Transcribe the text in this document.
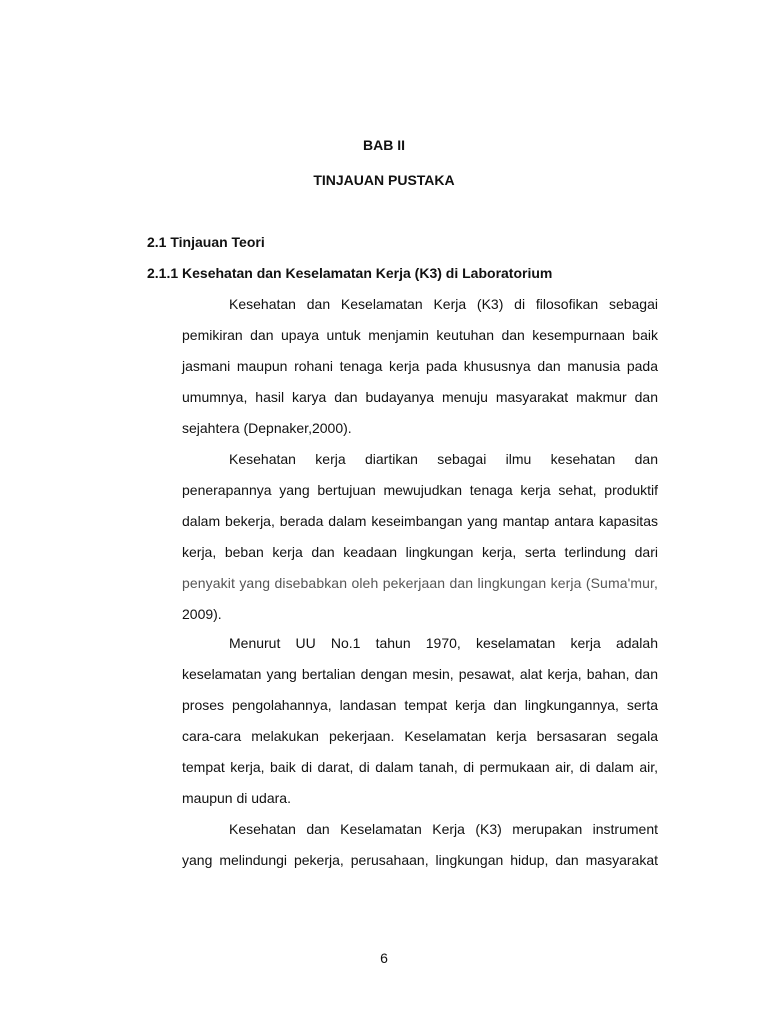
BAB II
TINJAUAN PUSTAKA
2.1 Tinjauan Teori
2.1.1 Kesehatan dan Keselamatan Kerja (K3) di Laboratorium
Kesehatan dan Keselamatan Kerja (K3) di filosofikan sebagai
pemikiran dan upaya untuk menjamin keutuhan dan kesempurnaan baik
jasmani maupun rohani tenaga kerja pada khususnya dan manusia pada
umumnya, hasil karya dan budayanya menuju masyarakat makmur dan
sejahtera (Depnaker,2000).
Kesehatan kerja diartikan sebagai ilmu kesehatan dan
penerapannya yang bertujuan mewujudkan tenaga kerja sehat, produktif
dalam bekerja, berada dalam keseimbangan yang mantap antara kapasitas
kerja, beban kerja dan keadaan lingkungan kerja, serta terlindung dari
penyakit yang disebabkan oleh pekerjaan dan lingkungan kerja (Suma'mur,
2009).
Menurut UU No.1 tahun 1970, keselamatan kerja adalah
keselamatan yang bertalian dengan mesin, pesawat, alat kerja, bahan, dan
proses pengolahannya, landasan tempat kerja dan lingkungannya, serta
cara-cara melakukan pekerjaan. Keselamatan kerja bersasaran segala
tempat kerja, baik di darat, di dalam tanah, di permukaan air, di dalam air,
maupun di udara.
Kesehatan dan Keselamatan Kerja (K3) merupakan instrument
yang melindungi pekerja, perusahaan, lingkungan hidup, dan masyarakat
6
